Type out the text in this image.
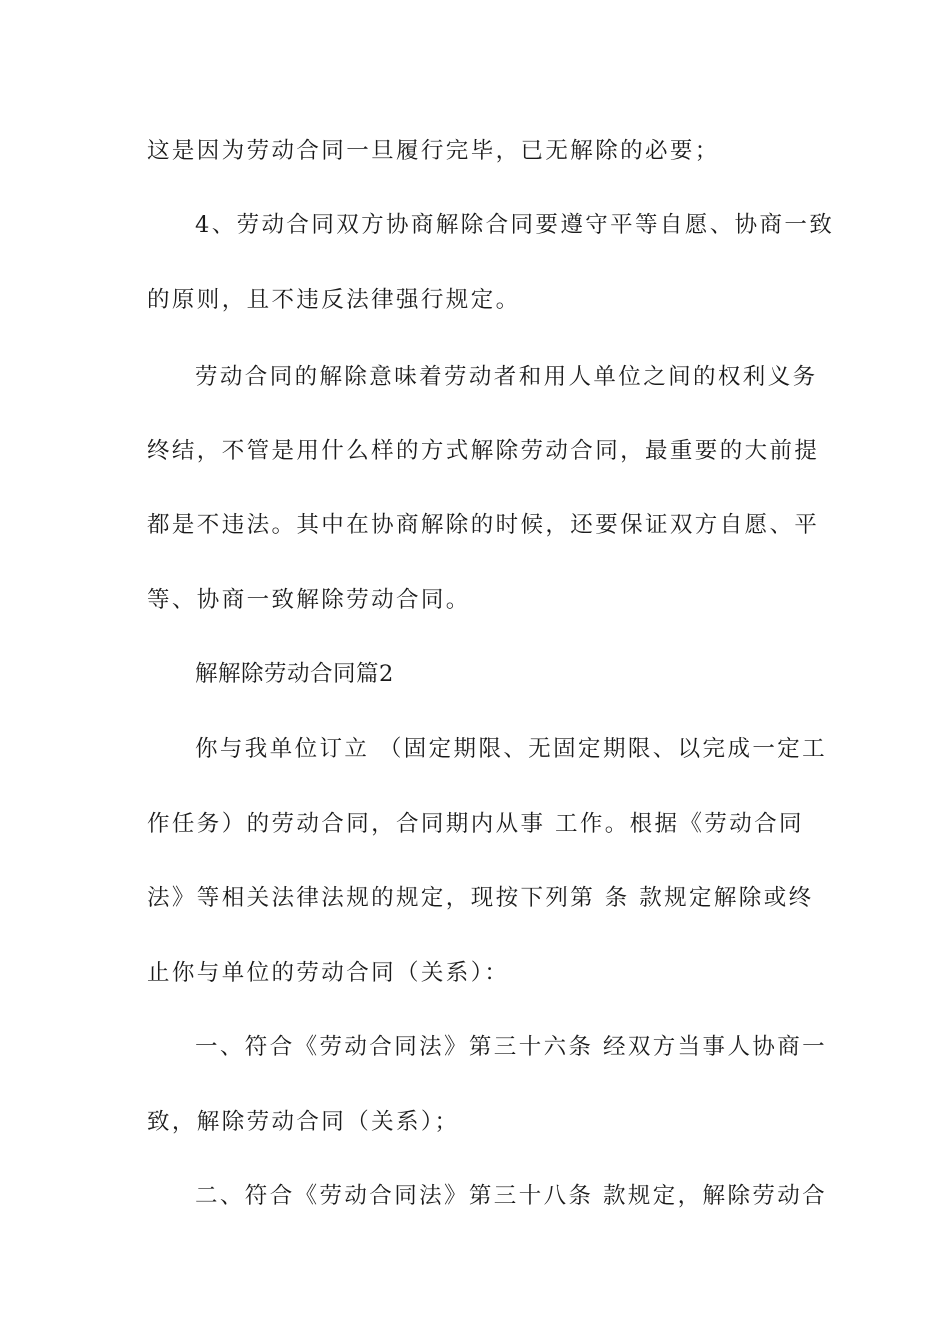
这是因为劳动合同一旦履行完毕，已无解除的必要；
4、劳动合同双方协商解除合同要遵守平等自愿、协商一致
的原则，且不违反法律强行规定。
劳动合同的解除意味着劳动者和用人单位之间的权利义务
终结，不管是用什么样的方式解除劳动合同，最重要的大前提
都是不违法。其中在协商解除的时候，还要保证双方自愿、平
等、协商一致解除劳动合同。
解解除劳动合同篇2
你与我单位订立 （固定期限、无固定期限、以完成一定工
作任务）的劳动合同，合同期内从事 工作。根据《劳动合同
法》等相关法律法规的规定，现按下列第 条 款规定解除或终
止你与单位的劳动合同（关系）：
一、符合《劳动合同法》第三十六条 经双方当事人协商一
致，解除劳动合同（关系）；
二、符合《劳动合同法》第三十八条 款规定，解除劳动合
